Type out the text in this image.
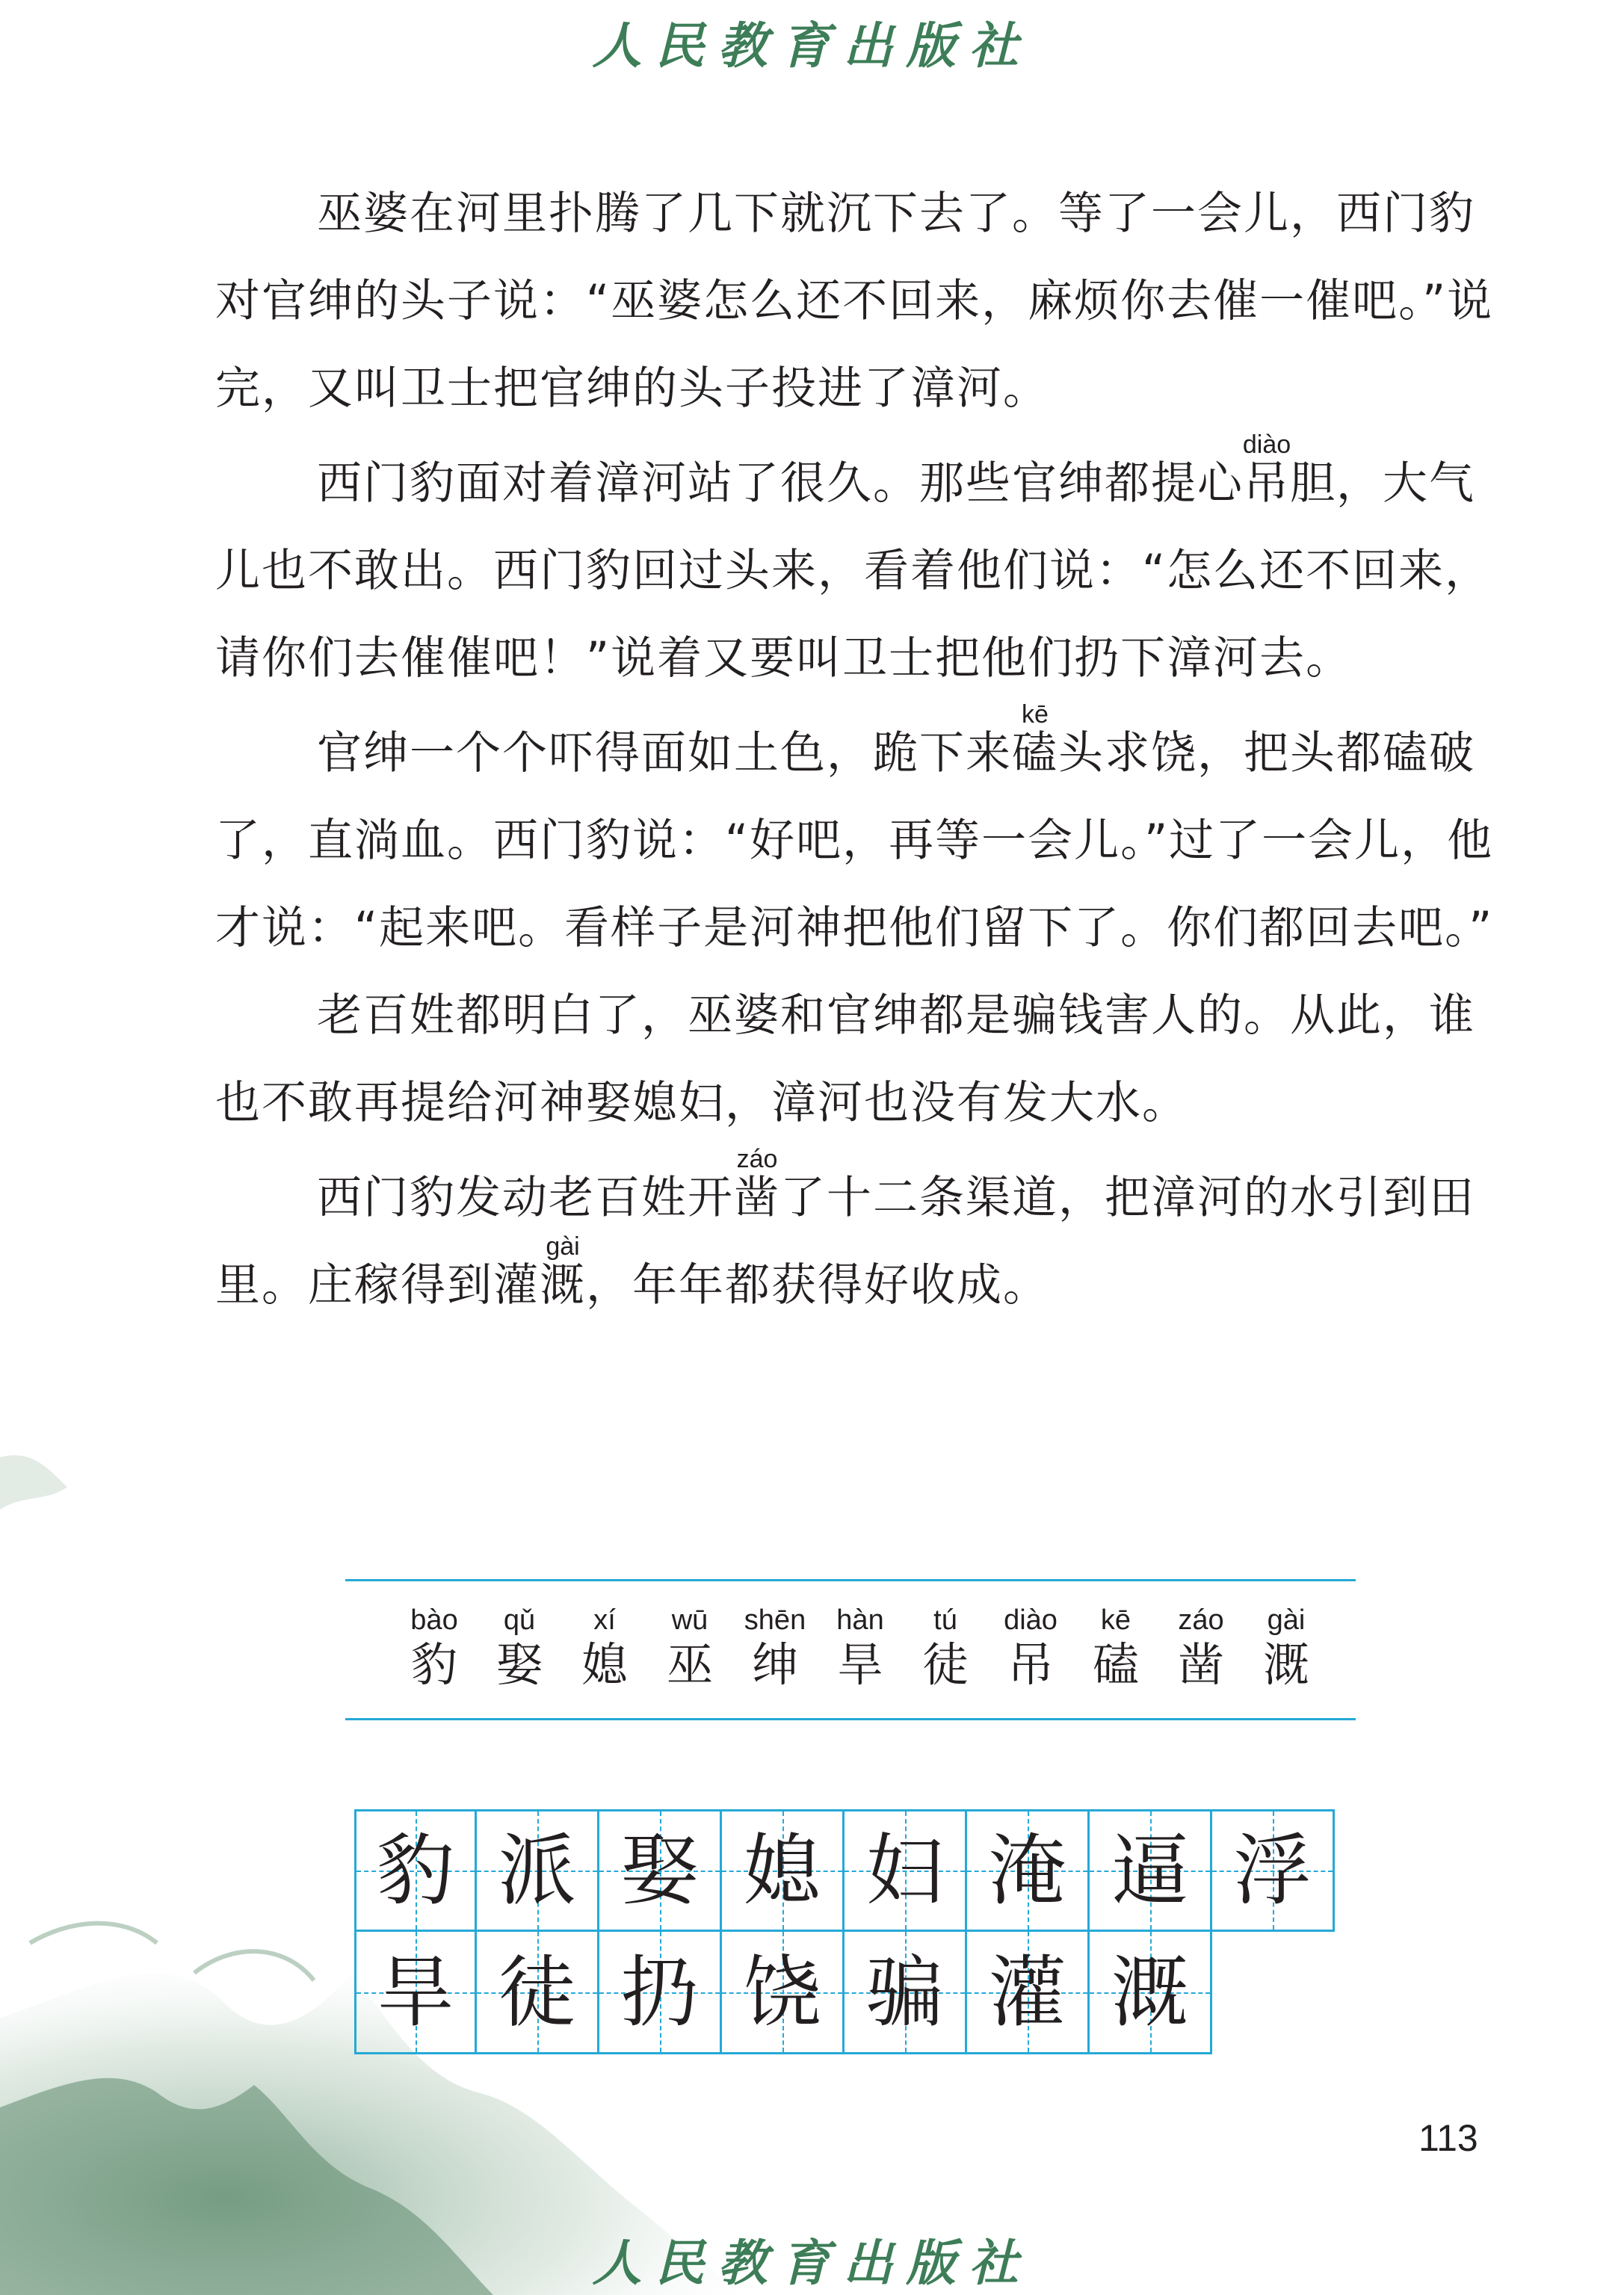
人民教育出版社

巫婆在河里扑腾了几下就沉下去了。等了一会儿，西门豹对官绅的头子说：“巫婆怎么还不回来，麻烦你去催一催吧。”说完，又叫卫士把官绅的头子投进了漳河。

西门豹面对着漳河站了很久。那些官绅都提心吊diào胆，大气儿也不敢出。西门豹回过头来，看着他们说：“怎么还不回来，请你们去催催吧！”说着又要叫卫士把他们扔下漳河去。

官绅一个个吓得面如土色，跪下来磕kē头求饶，把头都磕破了，直淌血。西门豹说：“好吧，再等一会儿。”过了一会儿，他才说：“起来吧。看样子是河神把他们留下了。你们都回去吧。”

老百姓都明白了，巫婆和官绅都是骗钱害人的。从此，谁也不敢再提给河神娶媳妇，漳河也没有发大水。

西门豹发动老百姓开凿záo了十二条渠道，把漳河的水引到田里。庄稼得到灌溉gài，年年都获得好收成。

bào
豹
qǔ
娶
xí
媳
wū
巫
shēn
绅
hàn
旱
tú
徒
diào
吊
kē
磕
záo
凿
gài
溉
豹 派 娶 媳 妇 淹 逼 浮
旱 徒 扔 饶 骗 灌 溉
113
人民教育出版社
